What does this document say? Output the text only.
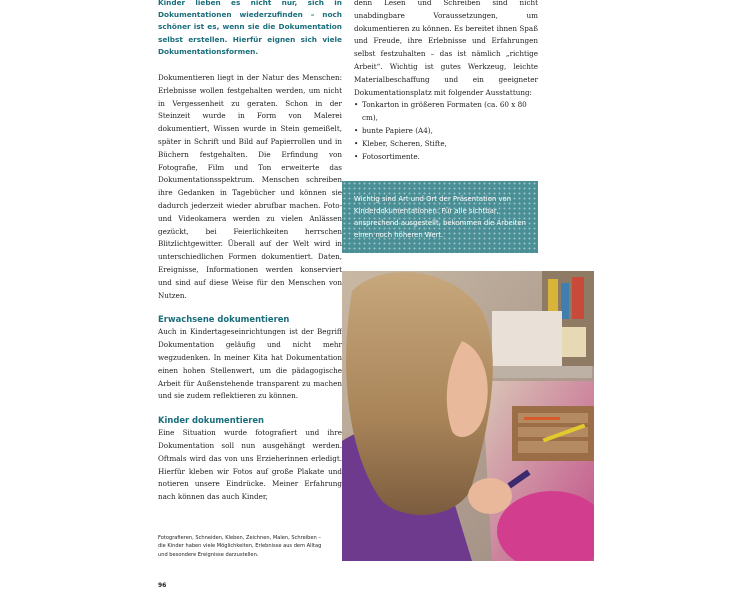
Kinder lieben es nicht nur, sich in Dokumentationen wiederzufinden – noch schöner ist es, wenn sie die Dokumentation selbst erstellen. Hierfür eignen sich viele Dokumentationsformen.

Dokumentieren liegt in der Natur des Menschen: Erlebnisse wollen festgehalten werden, um nicht in Vergessenheit zu geraten. Schon in der Steinzeit wurde in Form von Malerei dokumentiert, Wissen wurde in Stein gemeißelt, später in Schrift und Bild auf Papierrollen und in Büchern festgehalten. Die Erfindung von Fotografie, Film und Ton erweiterte das Dokumentationsspektrum. Menschen schreiben ihre Gedanken in Tagebücher und können sie dadurch jederzeit wieder abrufbar machen. Foto- und Videokamera werden zu vielen Anlässen gezückt, bei Feierlichkeiten herrschen Blitzlichtgewitter. Überall auf der Welt wird in unterschiedlichen Formen dokumentiert. Daten, Ereignisse, Informationen werden konserviert und sind auf diese Weise für den Menschen von Nutzen.

Erwachsene dokumentieren

Auch in Kindertageseinrichtungen ist der Begriff Dokumentation geläufig und nicht mehr wegzudenken. In meiner Kita hat Dokumentation einen hohen Stellenwert, um die pädagogische Arbeit für Außenstehende transparent zu machen und sie zudem reflektieren zu können.

Kinder dokumentieren

Eine Situation wurde fotografiert und ihre Dokumentation soll nun ausgehängt werden. Oftmals wird das von uns Erzieherinnen erledigt. Hierfür kleben wir Fotos auf große Plakate und notieren unsere Eindrücke. Meiner Erfahrung nach können das auch Kinder,

denn Lesen und Schreiben sind nicht unabdingbare Voraussetzungen, um dokumentieren zu können. Es bereitet ihnen Spaß und Freude, ihre Erlebnisse und Erfahrungen selbst festzuhalten – das ist nämlich „richtige Arbeit“. Wichtig ist gutes Werkzeug, leichte Materialbeschaffung und ein geeigneter Dokumentationsplatz mit folgender Ausstattung:

• Tonkarton in größeren Formaten (ca. 60 x 80 cm),
• bunte Papiere (A4),
• Kleber, Scheren, Stifte,
• Fotosortimente.

Wichtig sind Art und Ort der Präsentation von Kinderdokumentationen: Für alle sichtbar, ansprechend ausgestellt, bekommen die Arbeiten einen noch höheren Wert.

Fotografieren, Schneiden, Kleben, Zeichnen, Malen, Schreiben – die Kinder haben viele Möglichkeiten, Erlebnisse aus dem Alltag und besondere Ereignisse darzustellen.

96
